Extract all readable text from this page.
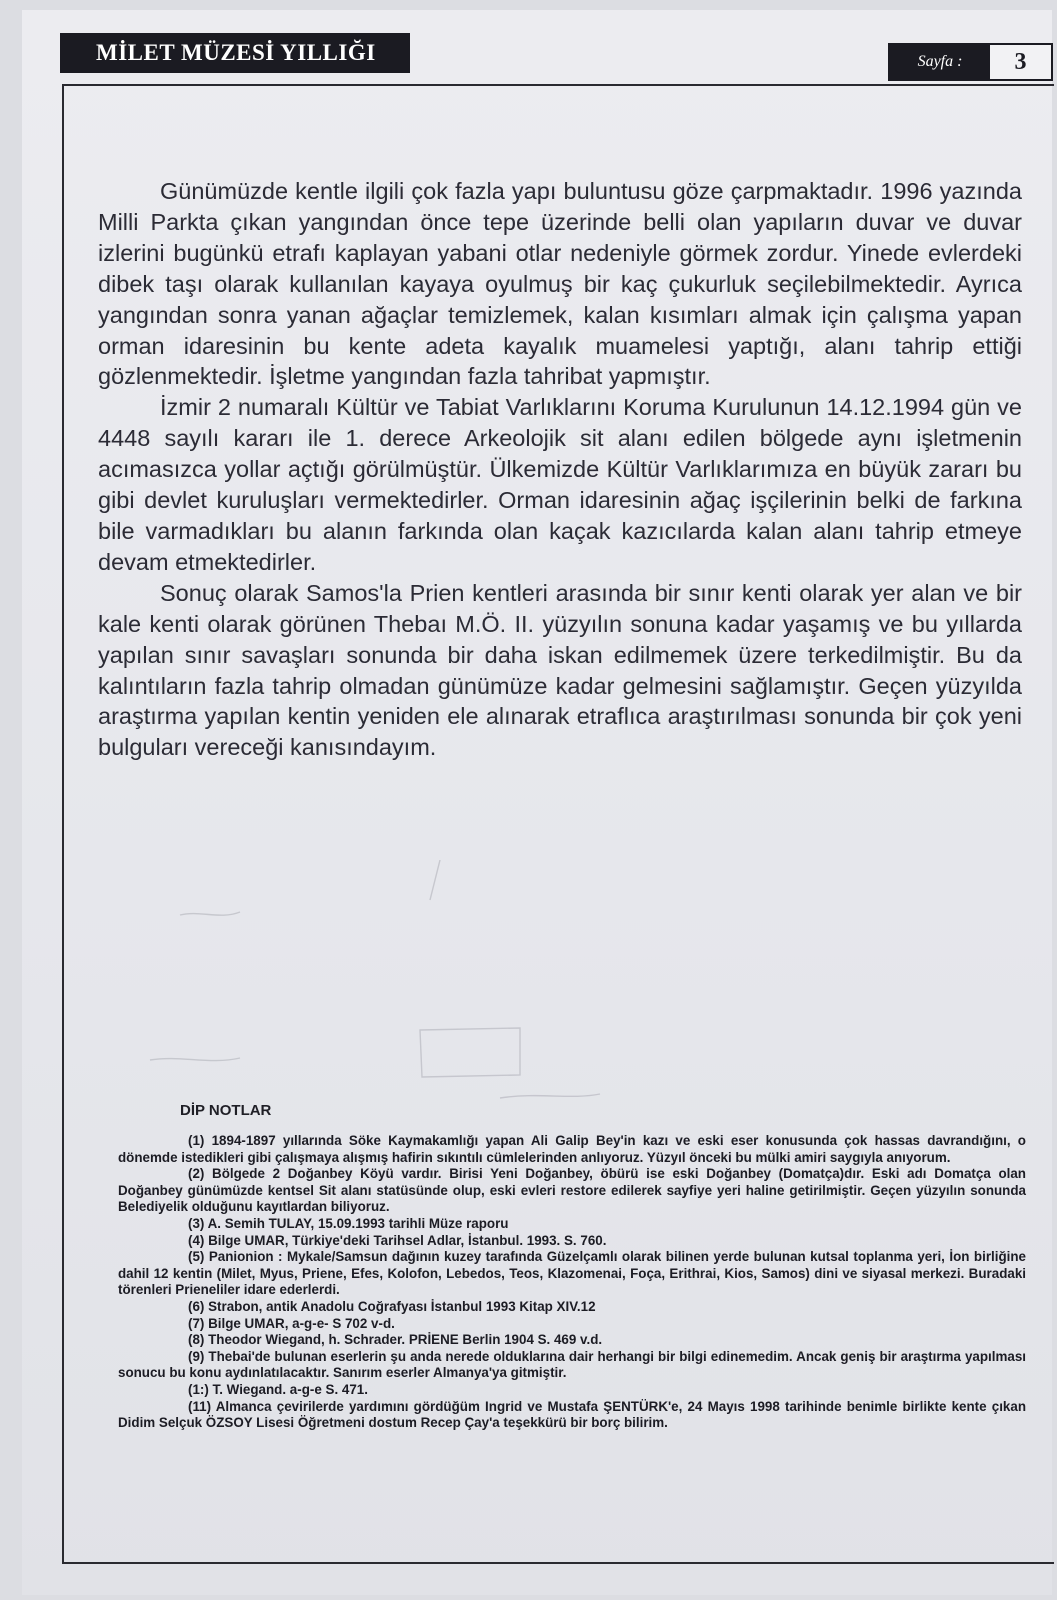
MİLET MÜZESİ YILLIĞI	Sayfa :	3

Günümüzde kentle ilgili çok fazla yapı buluntusu göze çarpmaktadır. 1996 yazında Milli Parkta çıkan yangından önce tepe üzerinde belli olan yapıların duvar ve duvar izlerini bugünkü etrafı kaplayan yabani otlar nedeniyle görmek zordur. Yinede evlerdeki dibek taşı olarak kullanılan kayaya oyulmuş bir kaç çukurluk seçilebilmektedir. Ayrıca yangından sonra yanan ağaçlar temizlemek, kalan kısımları almak için çalışma yapan orman idaresinin bu kente adeta kayalık muamelesi yaptığı, alanı tahrip ettiği gözlenmektedir. İşletme yangından fazla tahribat yapmıştır.

İzmir 2 numaralı Kültür ve Tabiat Varlıklarını Koruma Kurulunun 14.12.1994 gün ve 4448 sayılı kararı ile 1. derece Arkeolojik sit alanı edilen bölgede aynı işletmenin acımasızca yollar açtığı görülmüştür. Ülkemizde Kültür Varlıklarımıza en büyük zararı bu gibi devlet kuruluşları vermektedirler. Orman idaresinin ağaç işçilerinin belki de farkına bile varmadıkları bu alanın farkında olan kaçak kazıcılarda kalan alanı tahrip etmeye devam etmektedirler.

Sonuç olarak Samos'la Prien kentleri arasında bir sınır kenti olarak yer alan ve bir kale kenti olarak görünen Thebaı M.Ö. II. yüzyılın sonuna kadar yaşamış ve bu yıllarda yapılan sınır savaşları sonunda bir daha iskan edilmemek üzere terkedilmiştir. Bu da kalıntıların fazla tahrip olmadan günümüze kadar gelmesini sağlamıştır. Geçen yüzyılda araştırma yapılan kentin yeniden ele alınarak etraflıca araştırılması sonunda bir çok yeni bulguları vereceği kanısındayım.

DİP NOTLAR

(1) 1894-1897 yıllarında Söke Kaymakamlığı yapan Ali Galip Bey'in kazı ve eski eser konusunda çok hassas davrandığını, o dönemde istedikleri gibi çalışmaya alışmış hafirin sıkıntılı cümlelerinden anlıyoruz. Yüzyıl önceki bu mülki amiri saygıyla anıyorum.

(2) Bölgede 2 Doğanbey Köyü vardır. Birisi Yeni Doğanbey, öbürü ise eski Doğanbey (Domatça)dır. Eski adı Domatça olan Doğanbey günümüzde kentsel Sit alanı statüsünde olup, eski evleri restore edilerek sayfiye yeri haline getirilmiştir. Geçen yüzyılın sonunda Belediyelik olduğunu kayıtlardan biliyoruz.

(3) A. Semih TULAY, 15.09.1993 tarihli Müze raporu

(4) Bilge UMAR, Türkiye'deki Tarihsel Adlar, İstanbul. 1993. S. 760.

(5) Panionion : Mykale/Samsun dağının kuzey tarafında Güzelçamlı olarak bilinen yerde bulunan kutsal toplanma yeri, İon birliğine dahil 12 kentin (Milet, Myus, Priene, Efes, Kolofon, Lebedos, Teos, Klazomenai, Foça, Erithrai, Kios, Samos) dini ve siyasal merkezi. Buradaki törenleri Prieneliler idare ederlerdi.

(6) Strabon, antik Anadolu Coğrafyası İstanbul 1993 Kitap XIV.12

(7) Bilge UMAR, a-g-e- S 702 v-d.

(8) Theodor Wiegand, h. Schrader. PRİENE Berlin 1904 S. 469 v.d.

(9) Thebai'de bulunan eserlerin şu anda nerede olduklarına dair herhangi bir bilgi edinemedim. Ancak geniş bir araştırma yapılması sonucu bu konu aydınlatılacaktır. Sanırım eserler Almanya'ya gitmiştir.

(1:) T. Wiegand. a-g-e S. 471.

(11) Almanca çevirilerde yardımını gördüğüm Ingrid ve Mustafa ŞENTÜRK'e, 24 Mayıs 1998 tarihinde benimle birlikte kente çıkan Didim Selçuk ÖZSOY Lisesi Öğretmeni dostum Recep Çay'a teşekkürü bir borç bilirim.
